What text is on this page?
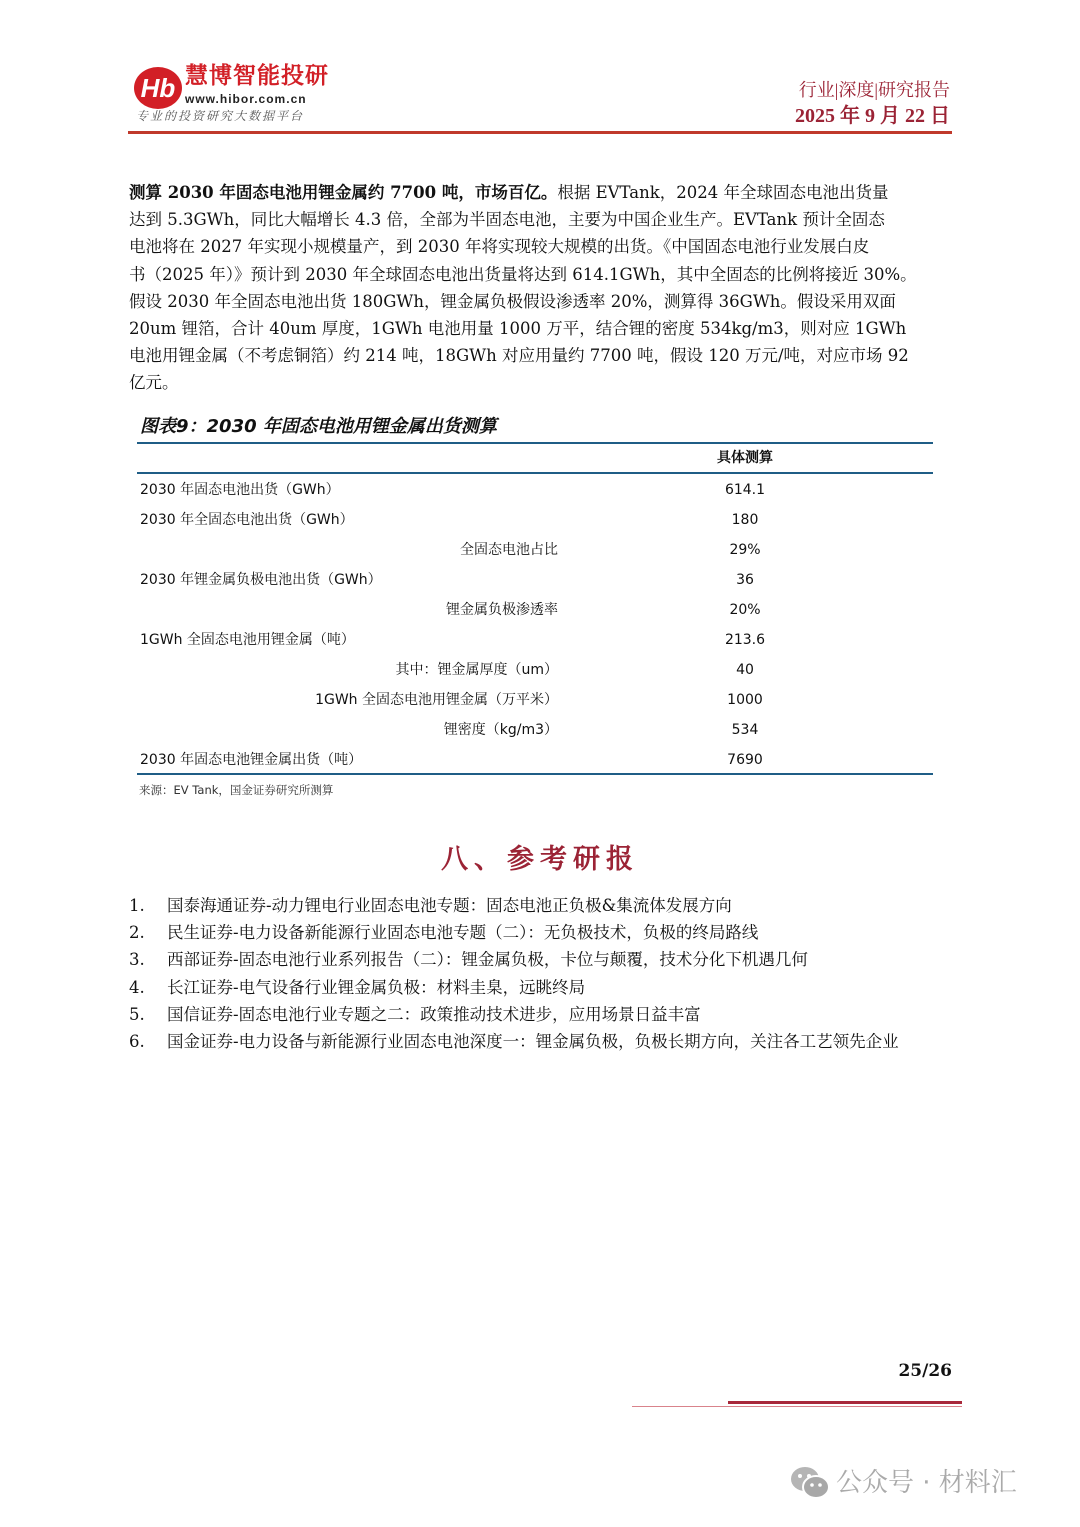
Hb 慧博智能投研
www.hibor.com.cn
专业的投资研究大数据平台
行业|深度|研究报告
2025 年 9 月 22 日
测算 2030 年固态电池用锂金属约 7700 吨，市场百亿。根据 EVTank，2024 年全球固态电池出货量
达到 5.3GWh，同比大幅增长 4.3 倍，全部为半固态电池，主要为中国企业生产。EVTank 预计全固态
电池将在 2027 年实现小规模量产，到 2030 年将实现较大规模的出货。《中国固态电池行业发展白皮
书（2025 年）》预计到 2030 年全球固态电池出货量将达到 614.1GWh，其中全固态的比例将接近 30%。
假设 2030 年全固态电池出货 180GWh，锂金属负极假设渗透率 20%，测算得 36GWh。假设采用双面
20um 锂箔，合计 40um 厚度，1GWh 电池用量 1000 万平，结合锂的密度 534kg/m3，则对应 1GWh
电池用锂金属（不考虑铜箔）约 214 吨，18GWh 对应用量约 7700 吨，假设 120 万元/吨，对应市场 92
亿元。
图表9：2030 年固态电池用锂金属出货测算
具体测算
2030 年固态电池出货（GWh）	614.1
2030 年全固态电池出货（GWh）	180
全固态电池占比	29%
2030 年锂金属负极电池出货（GWh）	36
锂金属负极渗透率	20%
1GWh 全固态电池用锂金属（吨）	213.6
其中：锂金属厚度（um）	40
1GWh 全固态电池用锂金属（万平米）	1000
锂密度（kg/m3）	534
2030 年固态电池锂金属出货（吨）	7690
来源：EV Tank，国金证券研究所测算
八、参考研报
1. 国泰海通证券-动力锂电行业固态电池专题：固态电池正负极&集流体发展方向
2. 民生证券-电力设备新能源行业固态电池专题（二）：无负极技术，负极的终局路线
3. 西部证券-固态电池行业系列报告（二）：锂金属负极，卡位与颠覆，技术分化下机遇几何
4. 长江证券-电气设备行业锂金属负极：材料圭臬，远眺终局
5. 国信证券-固态电池行业专题之二：政策推动技术进步，应用场景日益丰富
6. 国金证券-电力设备与新能源行业固态电池深度一：锂金属负极，负极长期方向，关注各工艺领先企业
25/26
公众号 · 材料汇
